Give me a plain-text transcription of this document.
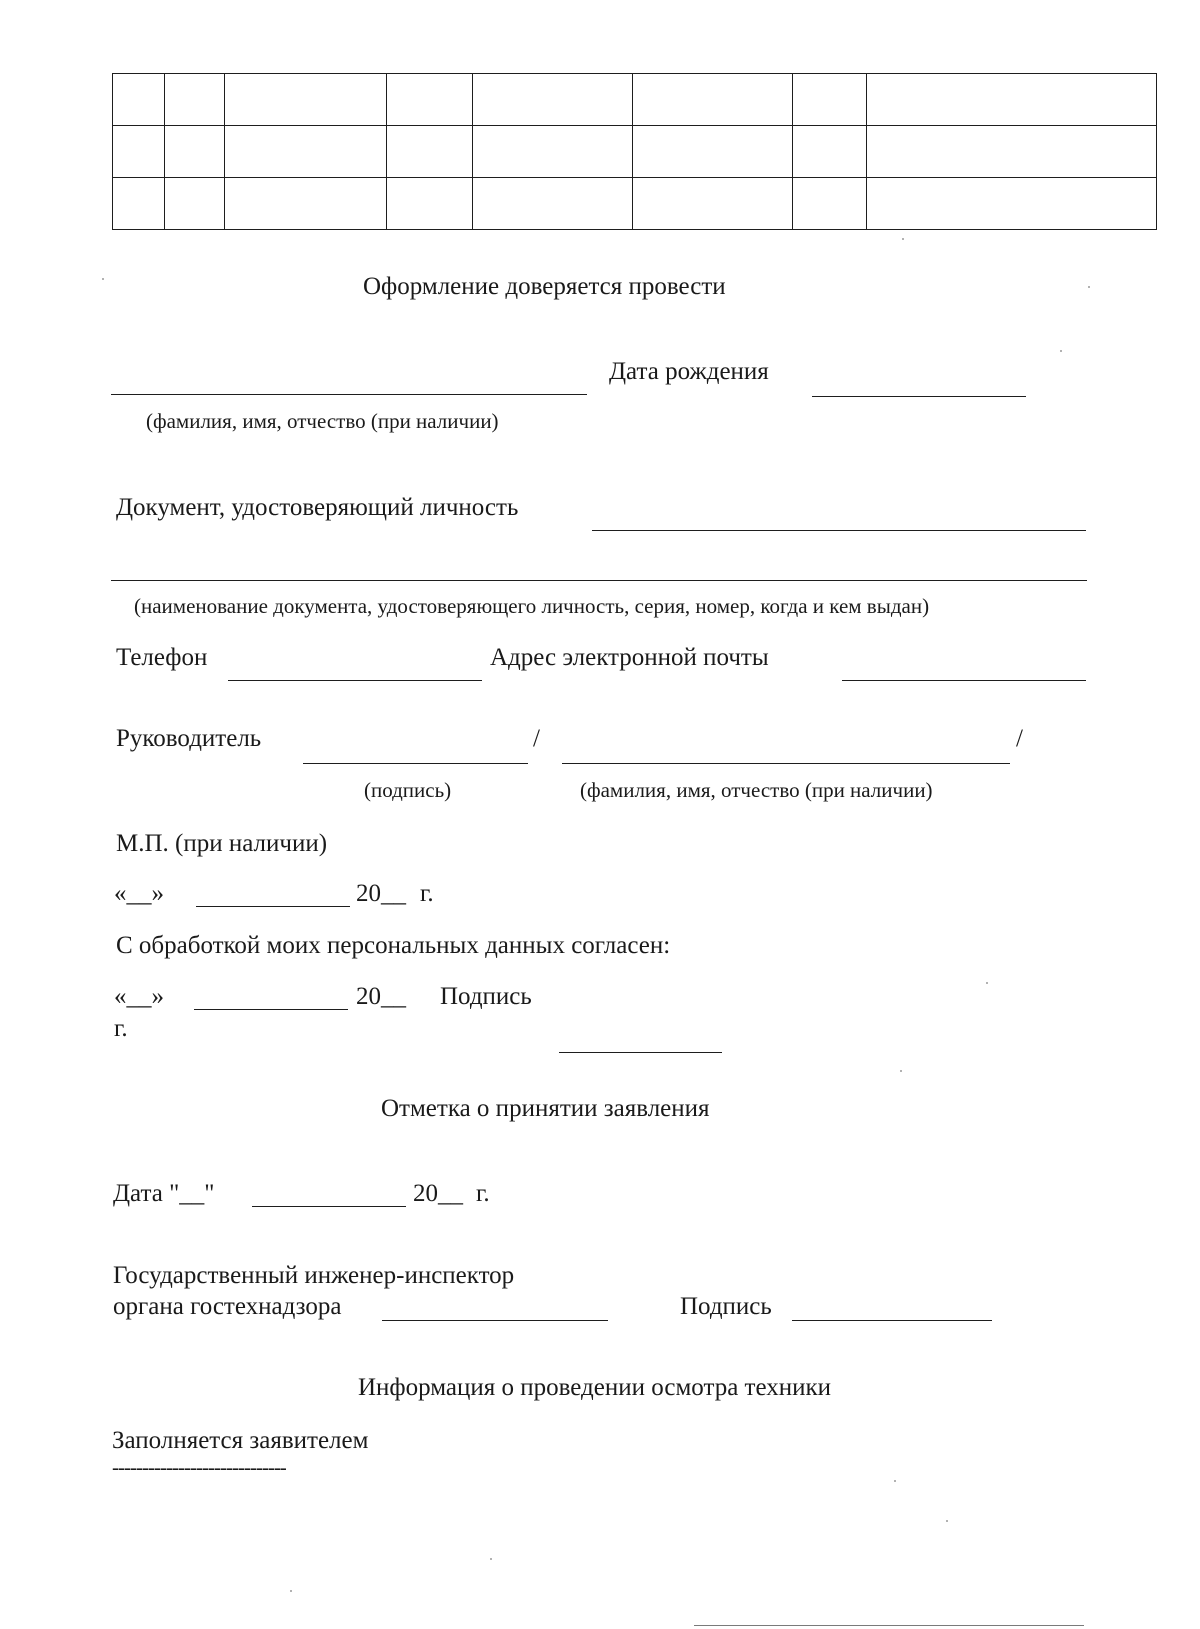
Оформление доверяется провести
Дата рождения
(фамилия, имя, отчество (при наличии)
Документ, удостоверяющий личность
(наименование документа, удостоверяющего личность, серия, номер, когда и кем выдан)
Телефон	Адрес электронной почты
Руководитель	/	/
(подпись)	(фамилия, имя, отчество (при наличии)
М.П. (при наличии)
«__»	20__ г.
С обработкой моих персональных данных согласен:
«__»	20__
г.
Подпись
Отметка о принятии заявления
Дата "__"	20__ г.
Государственный инженер-инспектор
органа гостехнадзора	Подпись
Информация о проведении осмотра техники
Заполняется заявителем
-----------------------------
